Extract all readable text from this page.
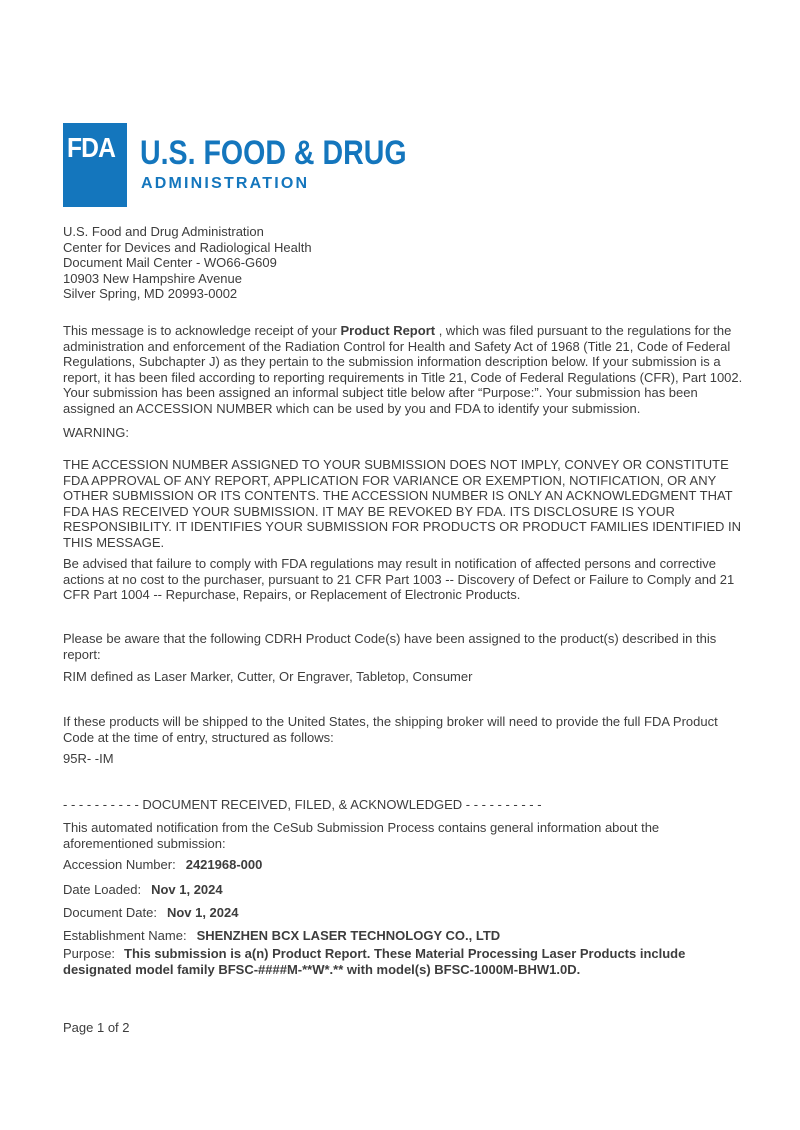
FDA U.S. FOOD & DRUG
ADMINISTRATION
U.S. Food and Drug Administration
Center for Devices and Radiological Health
Document Mail Center - WO66-G609
10903 New Hampshire Avenue
Silver Spring, MD 20993-0002
This message is to acknowledge receipt of your Product Report , which was filed pursuant to the regulations for the administration and enforcement of the Radiation Control for Health and Safety Act of 1968 (Title 21, Code of Federal Regulations, Subchapter J) as they pertain to the submission information description below. If your submission is a report, it has been filed according to reporting requirements in Title 21, Code of Federal Regulations (CFR), Part 1002. Your submission has been assigned an informal subject title below after “Purpose:”. Your submission has been assigned an ACCESSION NUMBER which can be used by you and FDA to identify your submission.
WARNING:
THE ACCESSION NUMBER ASSIGNED TO YOUR SUBMISSION DOES NOT IMPLY, CONVEY OR CONSTITUTE FDA APPROVAL OF ANY REPORT, APPLICATION FOR VARIANCE OR EXEMPTION, NOTIFICATION, OR ANY OTHER SUBMISSION OR ITS CONTENTS. THE ACCESSION NUMBER IS ONLY AN ACKNOWLEDGMENT THAT FDA HAS RECEIVED YOUR SUBMISSION. IT MAY BE REVOKED BY FDA. ITS DISCLOSURE IS YOUR RESPONSIBILITY. IT IDENTIFIES YOUR SUBMISSION FOR PRODUCTS OR PRODUCT FAMILIES IDENTIFIED IN THIS MESSAGE.
Be advised that failure to comply with FDA regulations may result in notification of affected persons and corrective actions at no cost to the purchaser, pursuant to 21 CFR Part 1003 -- Discovery of Defect or Failure to Comply and 21 CFR Part 1004 -- Repurchase, Repairs, or Replacement of Electronic Products.
Please be aware that the following CDRH Product Code(s) have been assigned to the product(s) described in this report:
RIM defined as Laser Marker, Cutter, Or Engraver, Tabletop, Consumer
If these products will be shipped to the United States, the shipping broker will need to provide the full FDA Product Code at the time of entry, structured as follows:
95R- -IM
- - - - - - - - - - DOCUMENT RECEIVED, FILED, & ACKNOWLEDGED - - - - - - - - - -
This automated notification from the CeSub Submission Process contains general information about the aforementioned submission:
Accession Number: 2421968-000
Date Loaded: Nov 1, 2024
Document Date: Nov 1, 2024
Establishment Name: SHENZHEN BCX LASER TECHNOLOGY CO., LTD
Purpose: This submission is a(n) Product Report. These Material Processing Laser Products include designated model family BFSC-####M-**W*.** with model(s) BFSC-1000M-BHW1.0D.
Page 1 of 2
